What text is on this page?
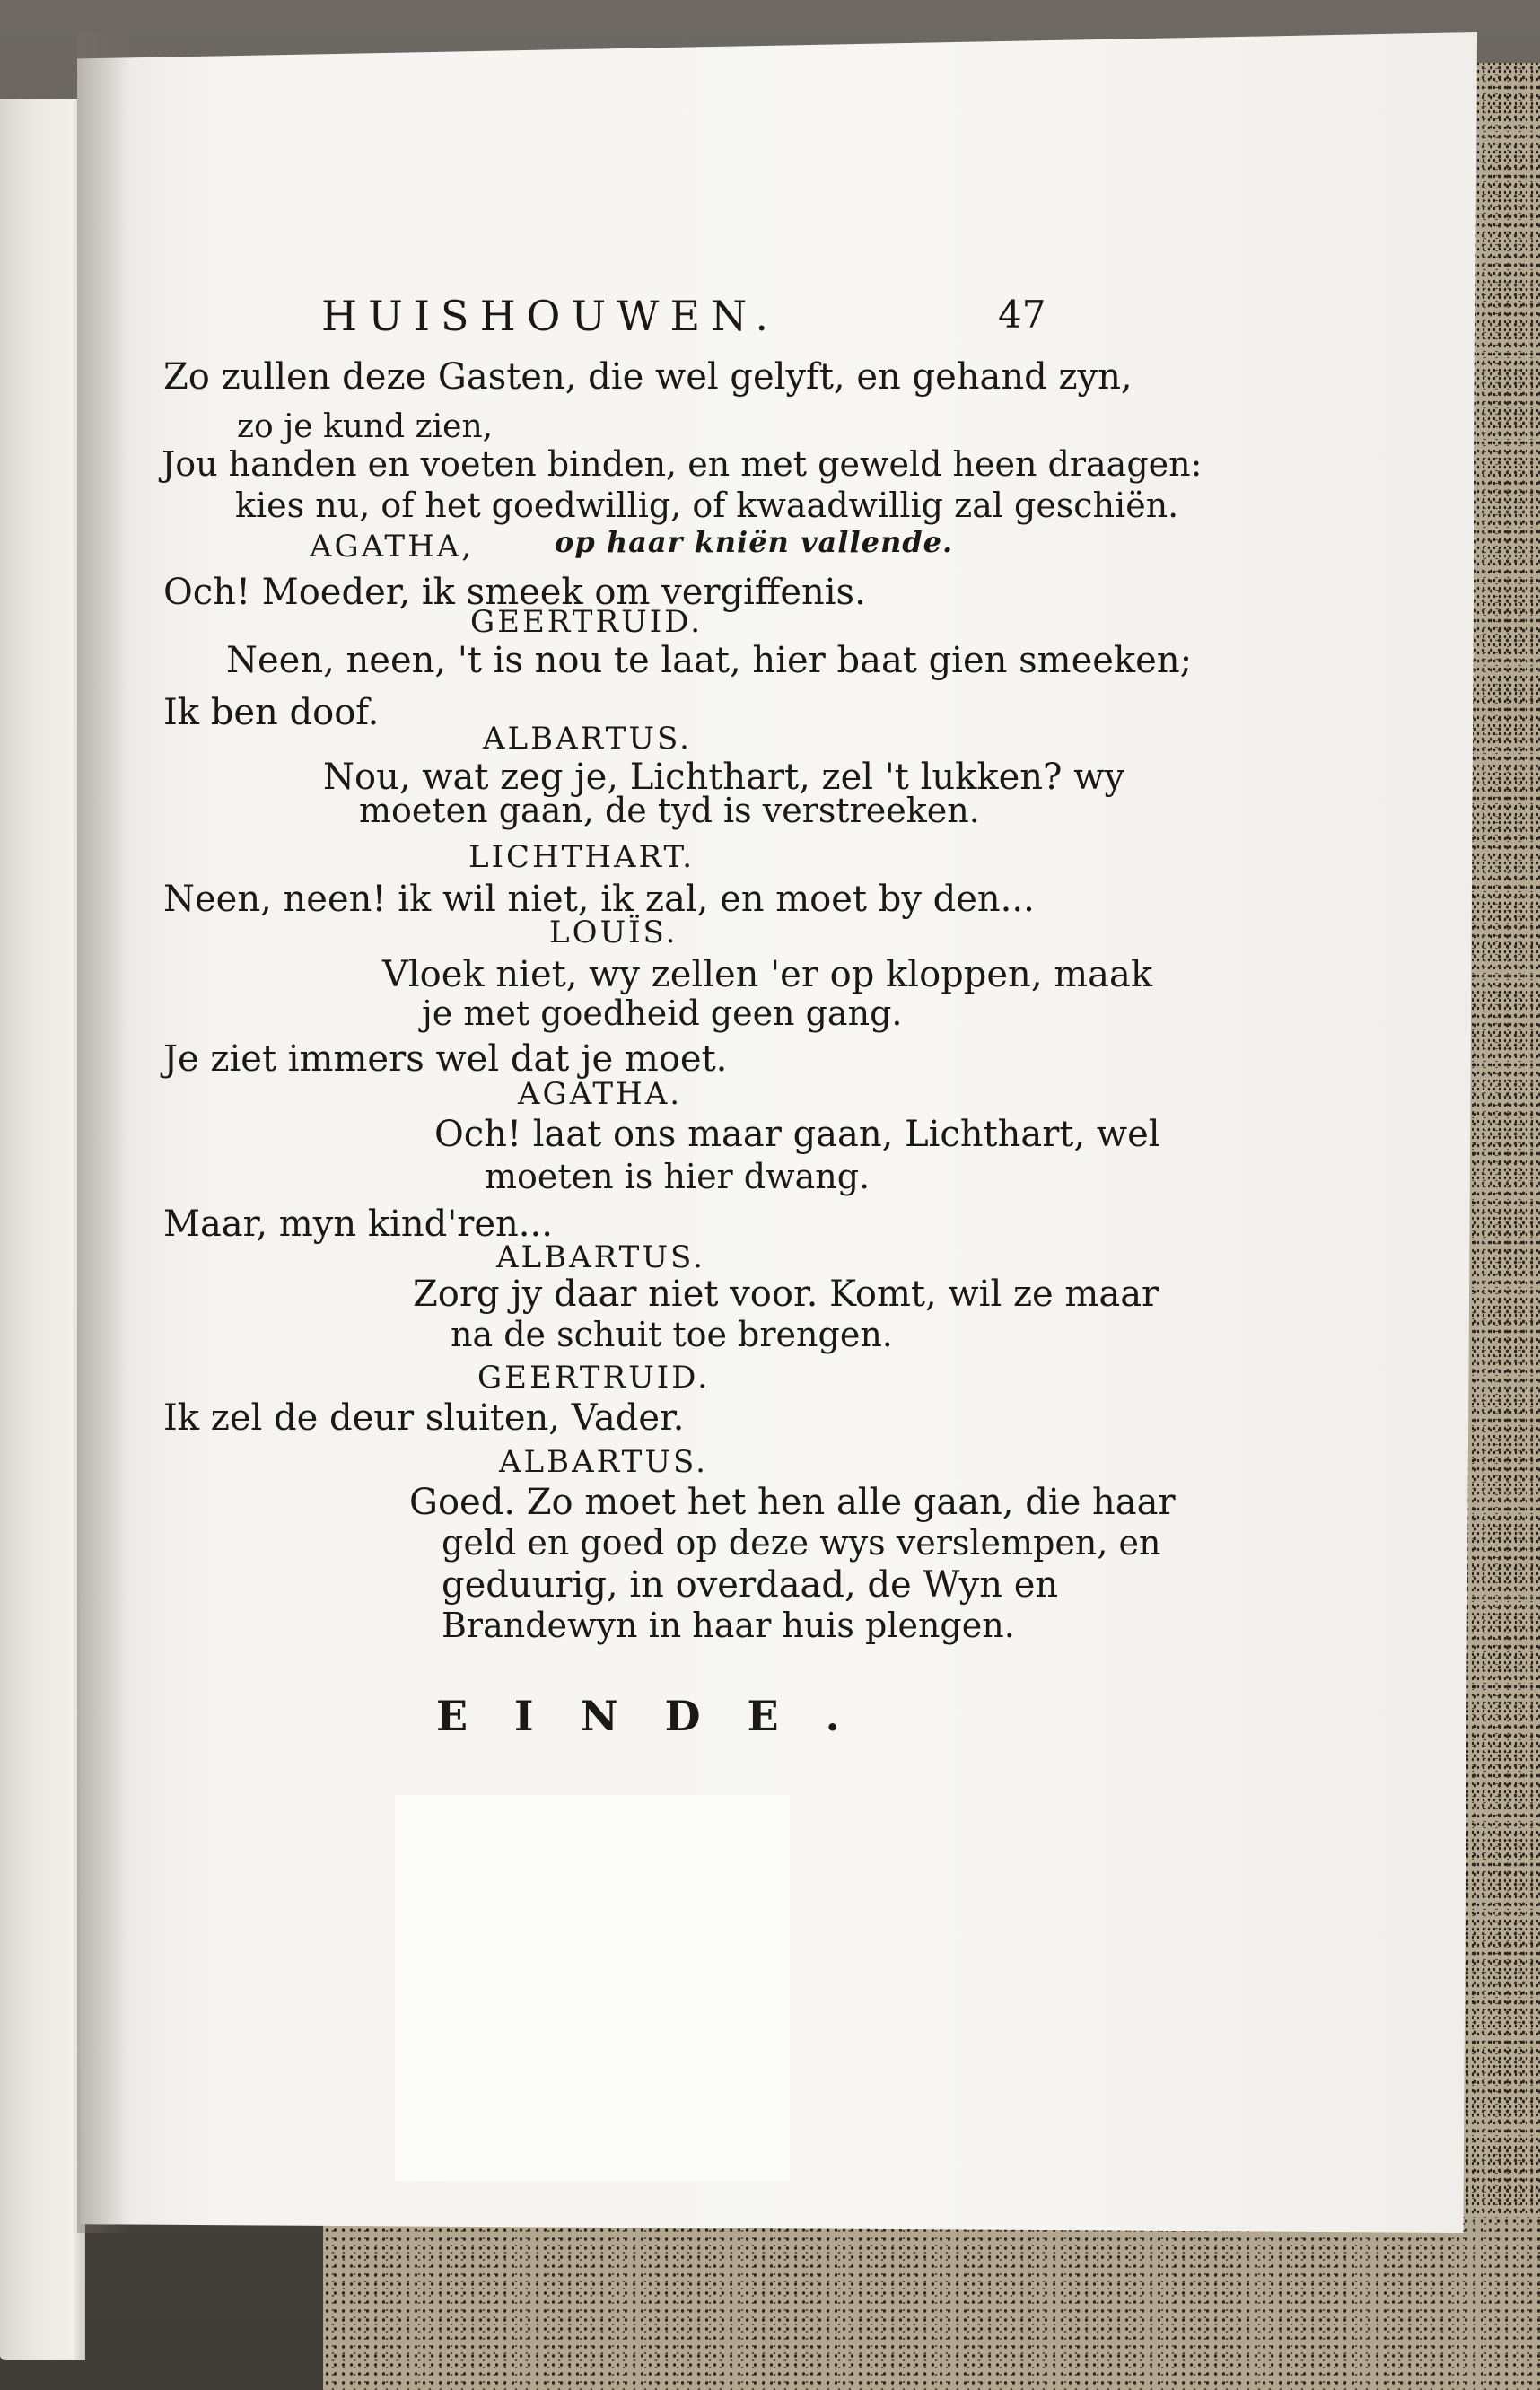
HUISHOUWEN.	47
Zo zullen deze Gasten, die wel gelyft, en gehand zyn,
zo je kund zien,
Jou handen en voeten binden, en met geweld heen draagen:
kies nu, of het goedwillig, of kwaadwillig zal geschiën.
AGATHA,	op haar kniën vallende.
Och! Moeder, ik smeek om vergiffenis.
GEERTRUID.
Neen, neen, 't is nou te laat, hier baat gien smeeken;
Ik ben doof.
ALBARTUS.
Nou, wat zeg je, Lichthart, zel 't lukken? wy
moeten gaan, de tyd is verstreeken.
LICHTHART.
Neen, neen! ik wil niet, ik zal, en moet by den...
LOUÏS.
Vloek niet, wy zellen 'er op kloppen, maak
je met goedheid geen gang.
Je ziet immers wel dat je moet.
AGATHA.
Och! laat ons maar gaan, Lichthart, wel
moeten is hier dwang.
Maar, myn kind'ren...
ALBARTUS.
Zorg jy daar niet voor. Komt, wil ze maar
na de schuit toe brengen.
GEERTRUID.
Ik zel de deur sluiten, Vader.
ALBARTUS.
Goed. Zo moet het hen alle gaan, die haar
geld en goed op deze wys verslempen, en
geduurig, in overdaad, de Wyn en
Brandewyn in haar huis plengen.
EINDE.
